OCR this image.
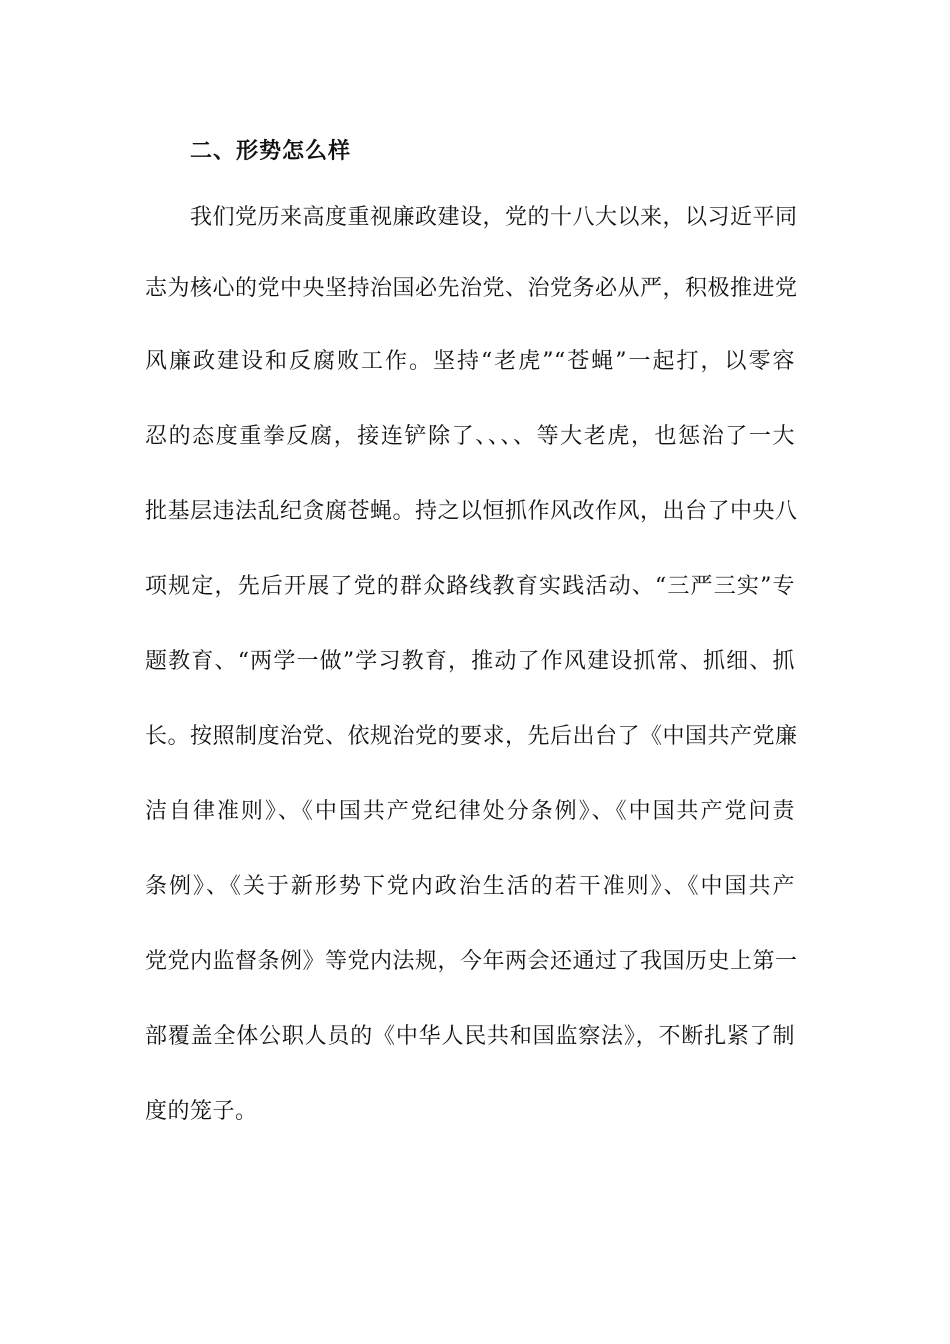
二、形势怎么样
我们党历来高度重视廉政建设，党的十八大以来，以习近平同
志为核心的党中央坚持治国必先治党、治党务必从严，积极推进党
风廉政建设和反腐败工作。坚持“老虎”“苍蝇”一起打，以零容
忍的态度重拳反腐，接连铲除了、、、、等大老虎，也惩治了一大
批基层违法乱纪贪腐苍蝇。持之以恒抓作风改作风，出台了中央八
项规定，先后开展了党的群众路线教育实践活动、“三严三实”专
题教育、“两学一做”学习教育，推动了作风建设抓常、抓细、抓
长。按照制度治党、依规治党的要求，先后出台了《中国共产党廉
洁自律准则》、《中国共产党纪律处分条例》、《中国共产党问责
条例》、《关于新形势下党内政治生活的若干准则》、《中国共产
党党内监督条例》等党内法规，今年两会还通过了我国历史上第一
部覆盖全体公职人员的《中华人民共和国监察法》，不断扎紧了制
度的笼子。
